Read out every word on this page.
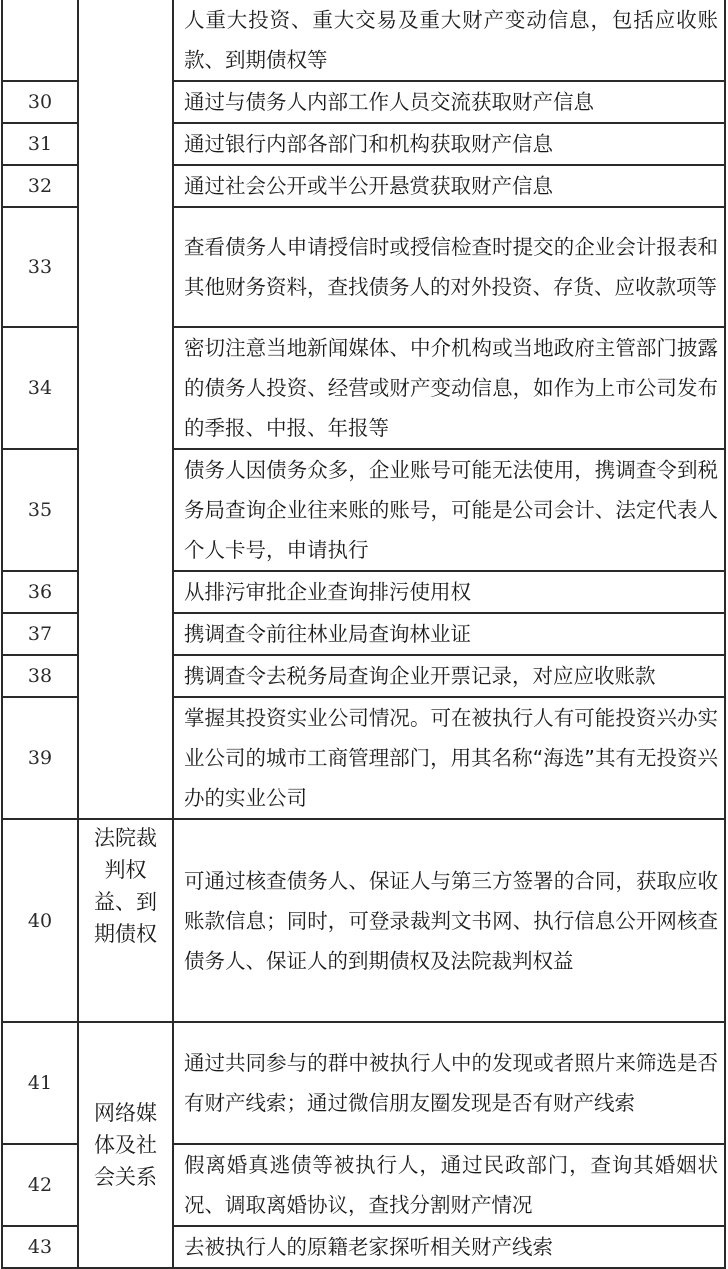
		人重大投资、重大交易及重大财产变动信息，包括应收账款、到期债权等
30		通过与债务人内部工作人员交流获取财产信息
31		通过银行内部各部门和机构获取财产信息
32		通过社会公开或半公开悬赏获取财产信息
33		查看债务人申请授信时或授信检查时提交的企业会计报表和其他财务资料，查找债务人的对外投资、存货、应收款项等
34		密切注意当地新闻媒体、中介机构或当地政府主管部门披露的债务人投资、经营或财产变动信息，如作为上市公司发布的季报、中报、年报等
35		债务人因债务众多，企业账号可能无法使用，携调查令到税务局查询企业往来账的账号，可能是公司会计、法定代表人个人卡号，申请执行
36		从排污审批企业查询排污使用权
37		携调查令前往林业局查询林业证
38		携调查令去税务局查询企业开票记录，对应应收账款
39		掌握其投资实业公司情况。可在被执行人有可能投资兴办实业公司的城市工商管理部门，用其名称“海选”其有无投资兴办的实业公司
40	法院裁判权益、到期债权	可通过核查债务人、保证人与第三方签署的合同，获取应收账款信息；同时，可登录裁判文书网、执行信息公开网核查债务人、保证人的到期债权及法院裁判权益
41	网络媒体及社会关系	通过共同参与的群中被执行人中的发现或者照片来筛选是否有财产线索；通过微信朋友圈发现是否有财产线索
42		假离婚真逃债等被执行人，通过民政部门，查询其婚姻状况、调取离婚协议，查找分割财产情况
43		去被执行人的原籍老家探听相关财产线索
